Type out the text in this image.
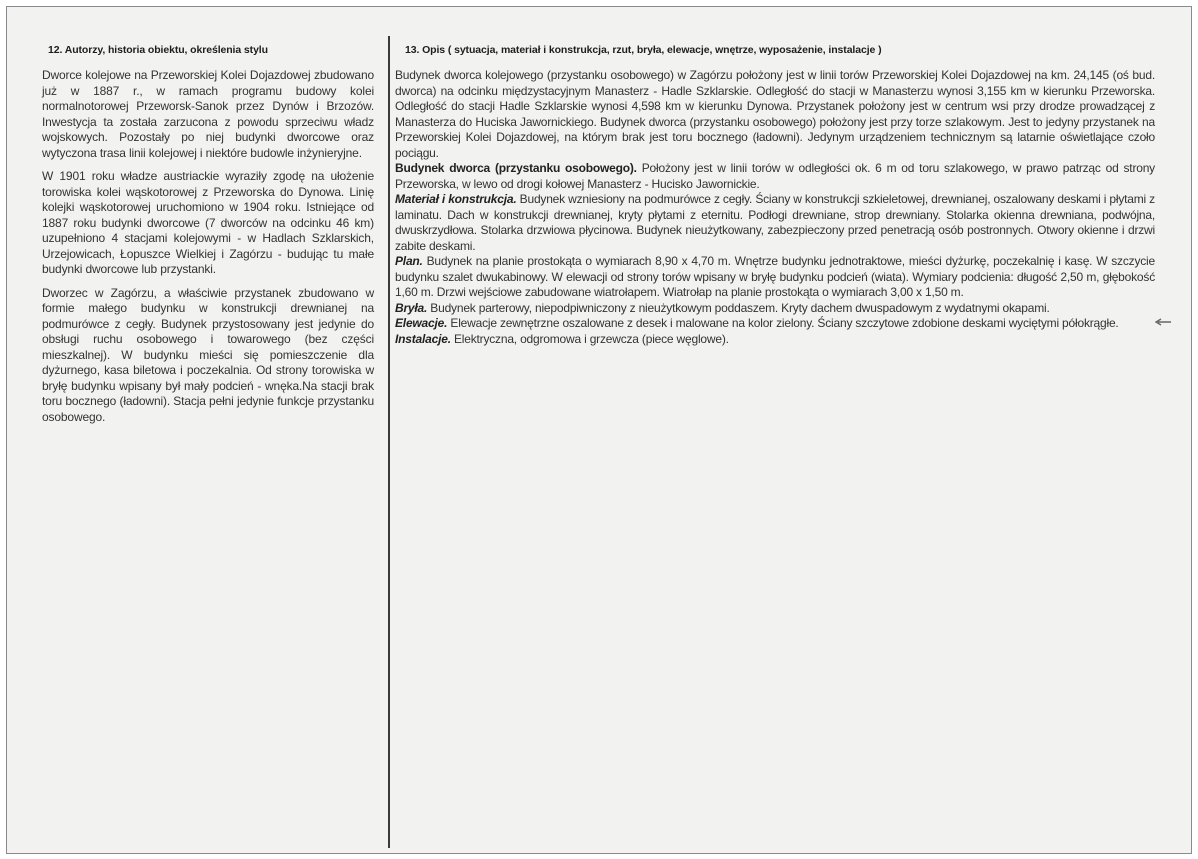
12. Autorzy, historia obiektu, określenia stylu

Dworce kolejowe na Przeworskiej Kolei Dojazdowej zbudowano już w 1887 r., w ramach programu budowy kolei normalnotorowej Przeworsk-Sanok przez Dynów i Brzozów. Inwestycja ta została zarzucona z powodu sprzeciwu władz wojskowych. Pozostały po niej budynki dworcowe oraz wytyczona trasa linii kolejowej i niektóre budowle inżynieryjne.

W 1901 roku władze austriackie wyraziły zgodę na ułożenie torowiska kolei wąskotorowej z Przeworska do Dynowa. Linię kolejki wąskotorowej uruchomiono w 1904 roku. Istniejące od 1887 roku budynki dworcowe (7 dworców na odcinku 46 km) uzupełniono 4 stacjami kolejowymi - w Hadlach Szklarskich, Urzejowicach, Łopuszce Wielkiej i Zagórzu - budując tu małe budynki dworcowe lub przystanki.

Dworzec w Zagórzu, a właściwie przystanek zbudowano w formie małego budynku w konstrukcji drewnianej na podmurówce z cegły. Budynek przystosowany jest jedynie do obsługi ruchu osobowego i towarowego (bez części mieszkalnej). W budynku mieści się pomieszczenie dla dyżurnego, kasa biletowa i poczekalnia. Od strony torowiska w bryłę budynku wpisany był mały podcień - wnęka.Na stacji brak toru bocznego (ładowni). Stacja pełni jedynie funkcje przystanku osobowego.

13. Opis ( sytuacja, materiał i konstrukcja, rzut, bryła, elewacje, wnętrze, wyposażenie, instalacje )

Budynek dworca kolejowego (przystanku osobowego) w Zagórzu położony jest w linii torów Przeworskiej Kolei Dojazdowej na km. 24,145 (oś bud. dworca) na odcinku międzystacyjnym Manasterz - Hadle Szklarskie. Odległość do stacji w Manasterzu wynosi 3,155 km w kierunku Przeworska. Odległość do stacji Hadle Szklarskie wynosi 4,598 km w kierunku Dynowa. Przystanek położony jest w centrum wsi przy drodze prowadzącej z Manasterza do Huciska Jawornickiego. Budynek dworca (przystanku osobowego) położony jest przy torze szlakowym. Jest to jedyny przystanek na Przeworskiej Kolei Dojazdowej, na którym brak jest toru bocznego (ładowni). Jedynym urządzeniem technicznym są latarnie oświetlające czoło pociągu.

Budynek dworca (przystanku osobowego). Położony jest w linii torów w odległości ok. 6 m od toru szlakowego, w prawo patrząc od strony Przeworska, w lewo od drogi kołowej Manasterz - Hucisko Jawornickie.

Materiał i konstrukcja. Budynek wzniesiony na podmurówce z cegły. Ściany w konstrukcji szkieletowej, drewnianej, oszalowany deskami i płytami z laminatu. Dach w konstrukcji drewnianej, kryty płytami z eternitu. Podłogi drewniane, strop drewniany. Stolarka okienna drewniana, podwójna, dwuskrzydłowa. Stolarka drzwiowa płycinowa. Budynek nieużytkowany, zabezpieczony przed penetracją osób postronnych. Otwory okienne i drzwi zabite deskami.

Plan. Budynek na planie prostokąta o wymiarach 8,90 x 4,70 m. Wnętrze budynku jednotraktowe, mieści dyżurkę, poczekalnię i kasę. W szczycie budynku szalet dwukabinowy. W elewacji od strony torów wpisany w bryłę budynku podcień (wiata). Wymiary podcienia: długość 2,50 m, głębokość 1,60 m. Drzwi wejściowe zabudowane wiatrołapem. Wiatrołap na planie prostokąta o wymiarach 3,00 x 1,50 m.

Bryła. Budynek parterowy, niepodpiwniczony z nieużytkowym poddaszem. Kryty dachem dwuspadowym z wydatnymi okapami.

Elewacje. Elewacje zewnętrzne oszalowane z desek i malowane na kolor zielony. Ściany szczytowe zdobione deskami wyciętymi półokrągłe.

Instalacje. Elektryczna, odgromowa i grzewcza (piece węglowe).
